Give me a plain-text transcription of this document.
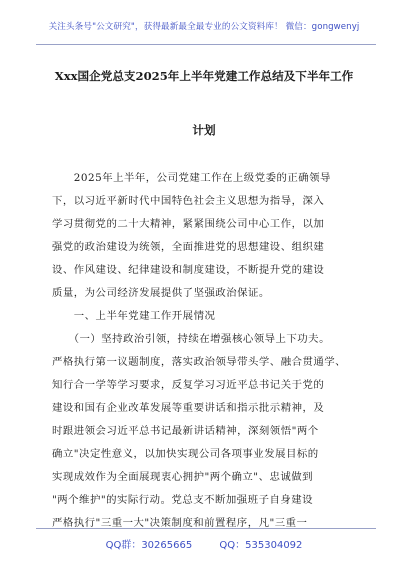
关注头条号"公文研究"，获得最新最全最专业的公文资料库！ 微信：gongwenyj
Xxx国企党总支2025年上半年党建工作总结及下半年工作
计划
　　2025年上半年，公司党建工作在上级党委的正确领导
下，以习近平新时代中国特色社会主义思想为指导，深入
学习贯彻党的二十大精神，紧紧围绕公司中心工作，以加
强党的政治建设为统领，全面推进党的思想建设、组织建
设、作风建设、纪律建设和制度建设，不断提升党的建设
质量，为公司经济发展提供了坚强政治保证。
　　一、上半年党建工作开展情况
　　（一）坚持政治引领，持续在增强核心领导上下功夫。
严格执行第一议题制度，落实政治领导带头学、融合贯通学、
知行合一学等学习要求，反复学习习近平总书记关于党的
建设和国有企业改革发展等重要讲话和指示批示精神，及
时跟进领会习近平总书记最新讲话精神，深刻领悟"两个
确立"决定性意义，以加快实现公司各项事业发展目标的
实现成效作为全面展现衷心拥护"两个确立"、忠诚做到
"两个维护"的实际行动。党总支不断加强班子自身建设
严格执行"三重一大"决策制度和前置程序，凡"三重一
QQ群：30265665	QQ：535304092
